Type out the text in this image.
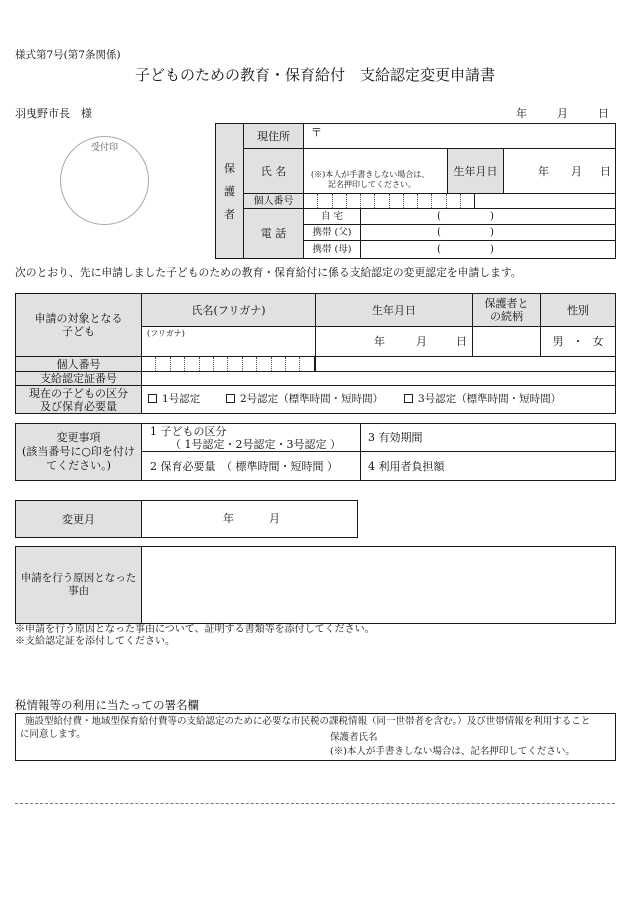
様式第7号(第7条関係)
子どものための教育・保育給付　支給認定変更申請書
羽曳野市長　様	年	月	日
受付印
保護者
現住所 〒
氏 名	(※)本人が手書きしない場合は、
記名押印してください。
生年月日	年 月 日
個人番号
電 話
自 宅	(	)
携帯 (父)	(	)
携帯 (母)	(	)
次のとおり、先に申請しました子どものための教育・保育給付に係る支給認定の変更認定を申請します。
申請の対象となる
子ども
氏名(フリガナ)	生年月日	保護者と
の続柄	性別
(フリガナ)
年	月	日	男 ・ 女
個人番号
支給認定証番号
現在の子どもの区分
及び保育必要量
1号認定	2号認定（標準時間・短時間）	3号認定（標準時間・短時間）
変更事項
(該当番号に○印を付け
てください。)
1 子どもの区分
（ 1号認定・2号認定・3号認定 ） 3 有効期間
2 保育必要量　（ 標準時間・短時間 ）	4 利用者負担額
変更月	年	月
申請を行う原因となった
事由
※申請を行う原因となった事由について、証明する書類等を添付してください。
※支給認定証を添付してください。
税情報等の利用に当たっての署名欄
施設型給付費・地域型保育給付費等の支給認定のために必要な市民税の課税情報（同一世帯者を含む。）及び世帯情報を利用すること
に同意します。	保護者氏名
(※)本人が手書きしない場合は、記名押印してください。
